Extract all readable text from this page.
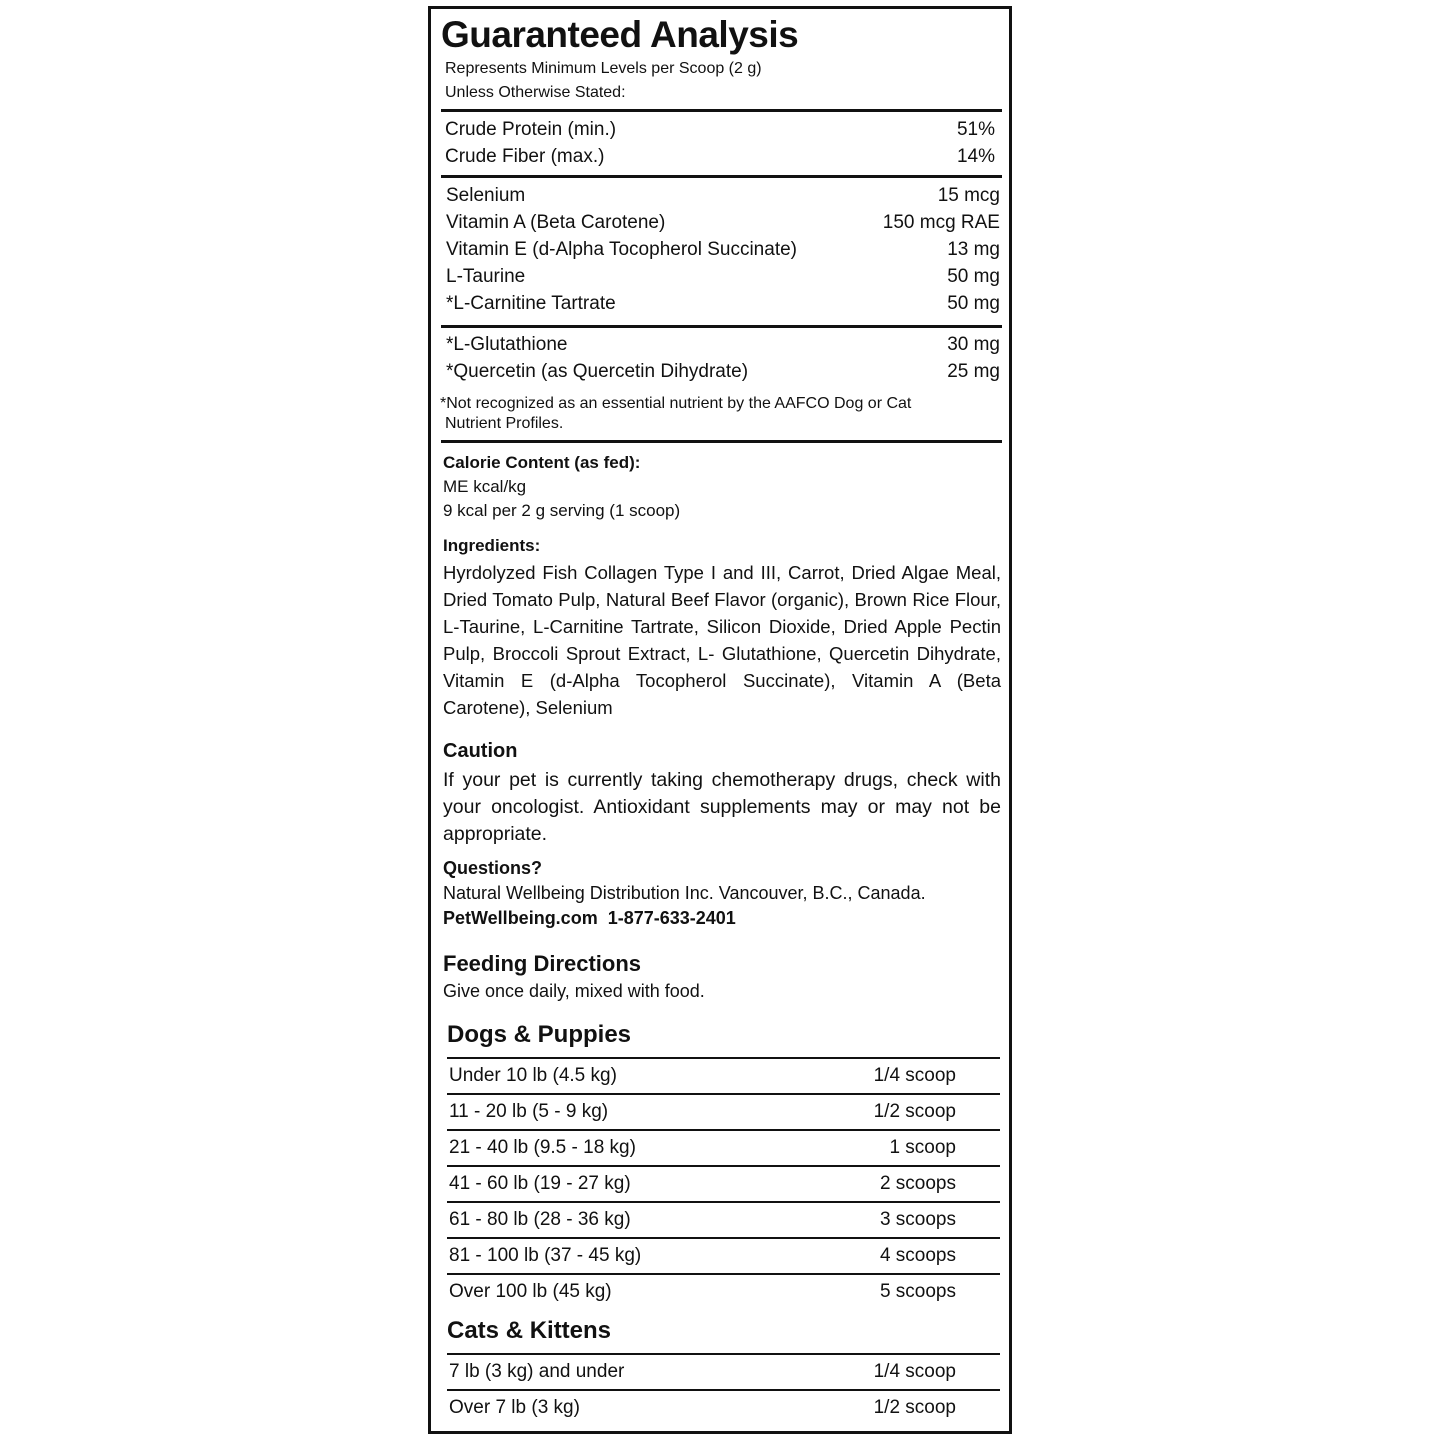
Guaranteed Analysis
Represents Minimum Levels per Scoop (2 g)
Unless Otherwise Stated:
Crude Protein (min.)	51%
Crude Fiber (max.)	14%
Selenium	15 mcg
Vitamin A (Beta Carotene)	150 mcg RAE
Vitamin E (d-Alpha Tocopherol Succinate)	13 mg
L-Taurine	50 mg
*L-Carnitine Tartrate	50 mg
*L-Glutathione	30 mg
*Quercetin (as Quercetin Dihydrate)	25 mg
*Not recognized as an essential nutrient by the AAFCO Dog or Cat
Nutrient Profiles.
Calorie Content (as fed):
ME kcal/kg
9 kcal per 2 g serving (1 scoop)
Ingredients:
Hyrdolyzed Fish Collagen Type I and III, Carrot, Dried Algae Meal, Dried Tomato Pulp, Natural Beef Flavor (organic), Brown Rice Flour, L-Taurine, L-Carnitine Tartrate, Silicon Dioxide, Dried Apple Pectin Pulp, Broccoli Sprout Extract, L- Glutathione, Quercetin Dihydrate, Vitamin E (d-Alpha Tocopherol Succinate), Vitamin A (Beta Carotene), Selenium
Caution
If your pet is currently taking chemotherapy drugs, check with your oncologist. Antioxidant supplements may or may not be appropriate.
Questions?
Natural Wellbeing Distribution Inc. Vancouver, B.C., Canada.
PetWellbeing.com 1-877-633-2401
Feeding Directions
Give once daily, mixed with food.
Dogs & Puppies
Under 10 lb (4.5 kg)	1/4 scoop
11 - 20 lb (5 - 9 kg)	1/2 scoop
21 - 40 lb (9.5 - 18 kg)	1 scoop
41 - 60 lb (19 - 27 kg)	2 scoops
61 - 80 lb (28 - 36 kg)	3 scoops
81 - 100 lb (37 - 45 kg)	4 scoops
Over 100 lb (45 kg)	5 scoops
Cats & Kittens
7 lb (3 kg) and under	1/4 scoop
Over 7 lb (3 kg)	1/2 scoop
